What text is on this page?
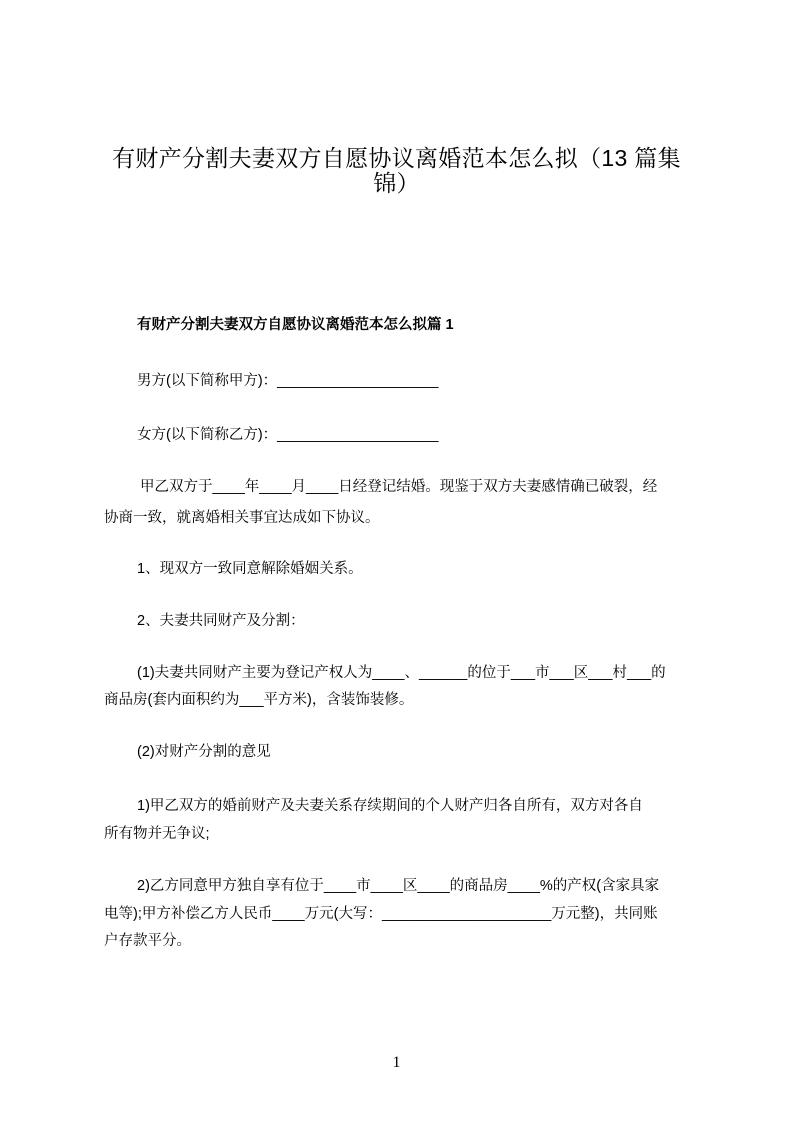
有财产分割夫妻双方自愿协议离婚范本怎么拟（13 篇集
锦）
有财产分割夫妻双方自愿协议离婚范本怎么拟篇 1
男方(以下简称甲方)：____________________
女方(以下简称乙方)：____________________
甲乙双方于____年____月____日经登记结婚。现鉴于双方夫妻感情确已破裂，经
协商一致，就离婚相关事宜达成如下协议。
1、现双方一致同意解除婚姻关系。
2、夫妻共同财产及分割：
(1)夫妻共同财产主要为登记产权人为____、______的位于___市___区___村___的
商品房(套内面积约为___平方米)，含装饰装修。
(2)对财产分割的意见
1)甲乙双方的婚前财产及夫妻关系存续期间的个人财产归各自所有，双方对各自
所有物并无争议;
2)乙方同意甲方独自享有位于____市____区____的商品房____%的产权(含家具家
电等);甲方补偿乙方人民币____万元(大写：_____________________万元整)，共同账
户存款平分。
1
